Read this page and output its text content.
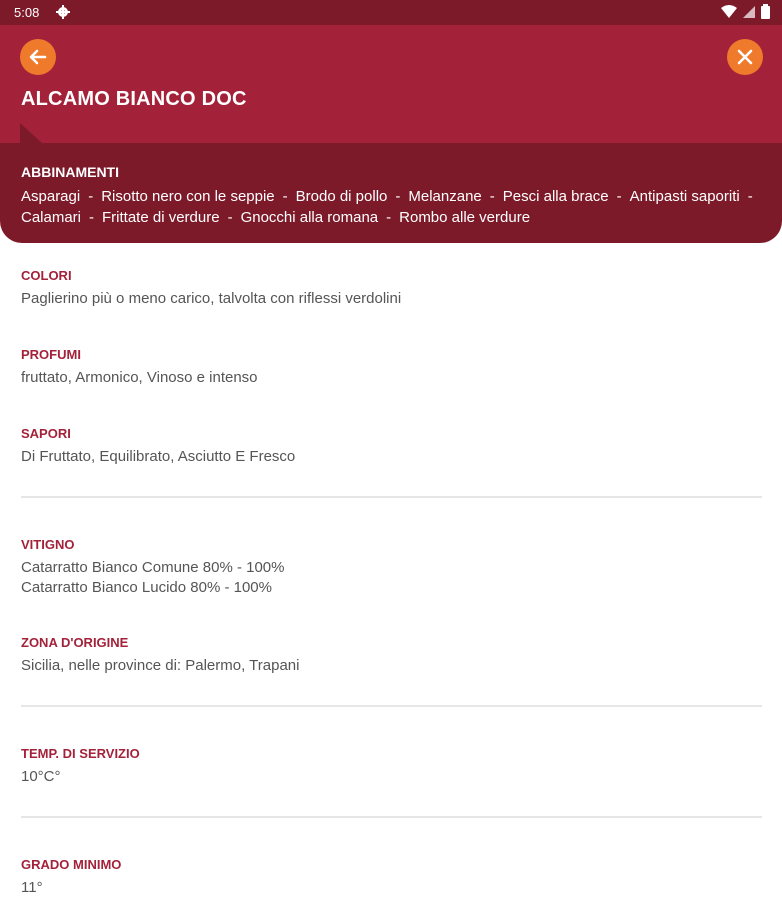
5:08
ALCAMO BIANCO DOC
ABBINAMENTI
Asparagi - Risotto nero con le seppie - Brodo di pollo - Melanzane - Pesci alla brace - Antipasti saporiti -Calamari - Frittate di verdure - Gnocchi alla romana - Rombo alle verdure
COLORI
Paglierino più o meno carico, talvolta con riflessi verdolini
PROFUMI
fruttato, Armonico, Vinoso e intenso
SAPORI
Di Fruttato, Equilibrato, Asciutto E Fresco
VITIGNO
Catarratto Bianco Comune 80% - 100%
Catarratto Bianco Lucido 80% - 100%
ZONA D'ORIGINE
Sicilia, nelle province di: Palermo, Trapani
TEMP. DI SERVIZIO
10°C°
GRADO MINIMO
11°
